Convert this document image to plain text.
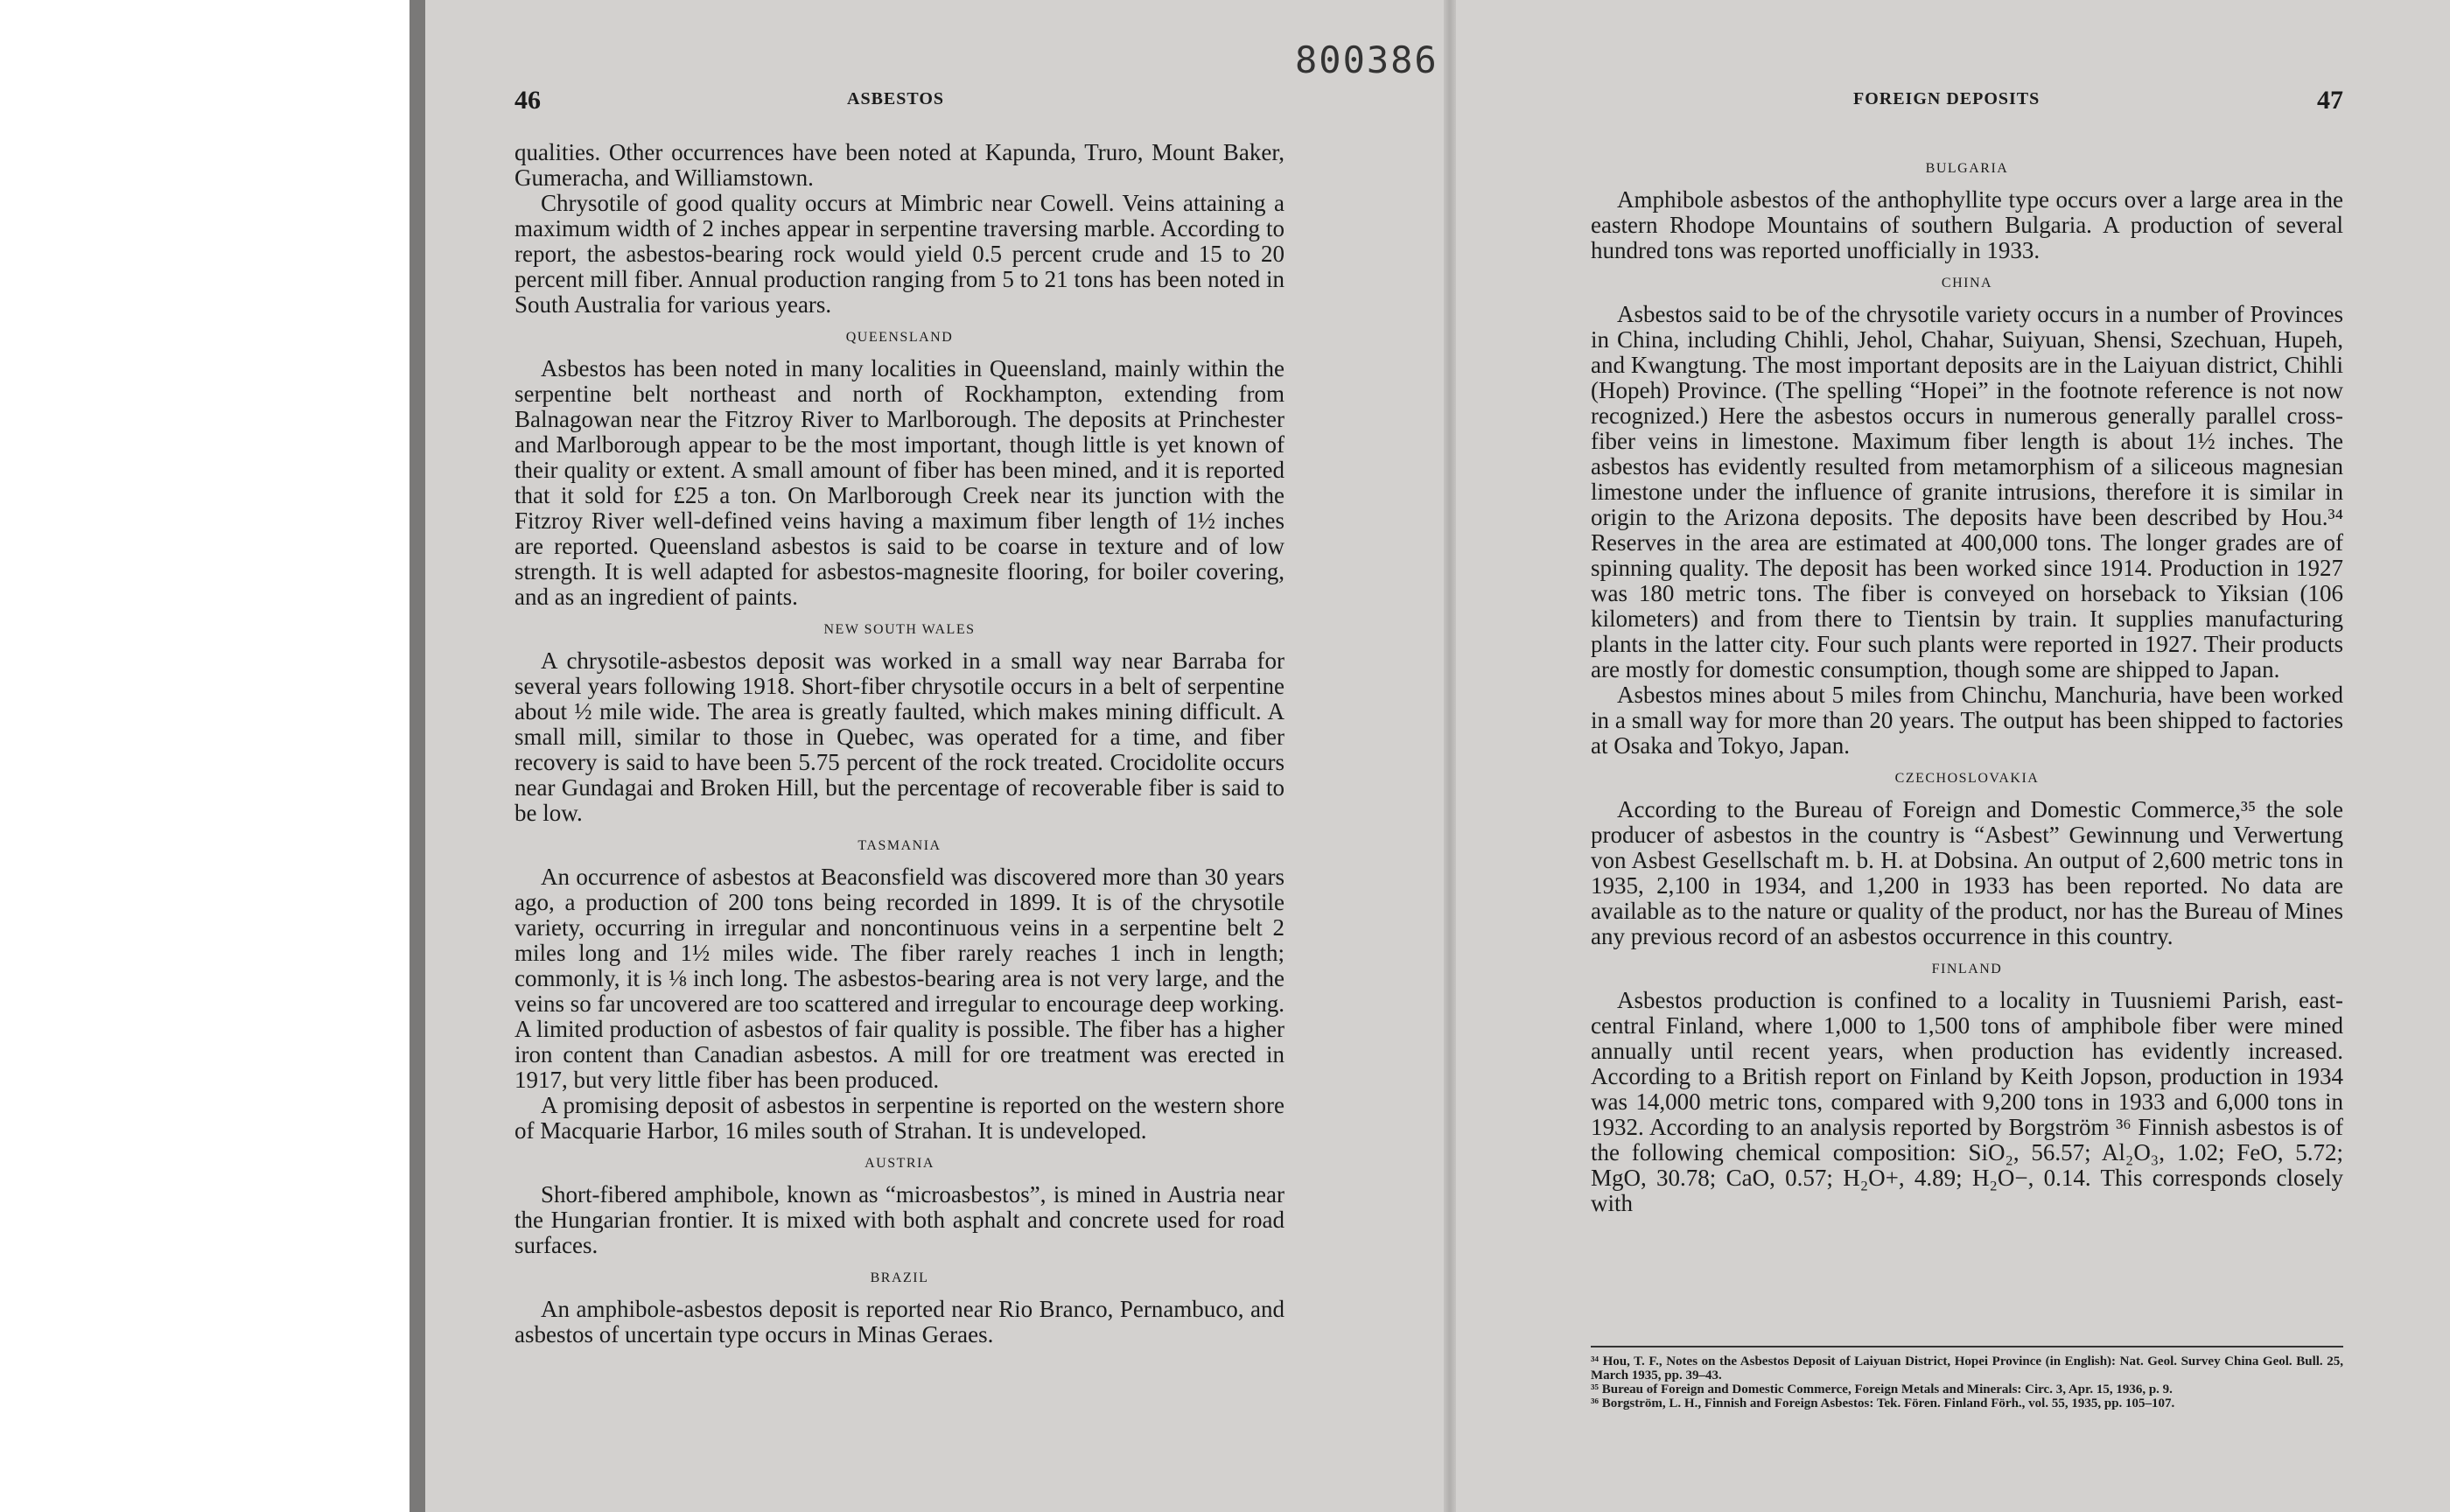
46	ASBESTOS

qualities. Other occurrences have been noted at Kapunda, Truro, Mount Baker, Gumeracha, and Williamstown.

Chrysotile of good quality occurs at Mimbric near Cowell. Veins attaining a maximum width of 2 inches appear in serpentine traversing marble. According to report, the asbestos-bearing rock would yield 0.5 percent crude and 15 to 20 percent mill fiber. Annual production ranging from 5 to 21 tons has been noted in South Australia for various years.

QUEENSLAND

Asbestos has been noted in many localities in Queensland, mainly within the serpentine belt northeast and north of Rockhampton, extending from Balnagowan near the Fitzroy River to Marlborough. The deposits at Princhester and Marlborough appear to be the most important, though little is yet known of their quality or extent. A small amount of fiber has been mined, and it is reported that it sold for £25 a ton. On Marlborough Creek near its junction with the Fitzroy River well-defined veins having a maximum fiber length of 1½ inches are reported. Queensland asbestos is said to be coarse in texture and of low strength. It is well adapted for asbestos-magnesite flooring, for boiler covering, and as an ingredient of paints.

NEW SOUTH WALES

A chrysotile-asbestos deposit was worked in a small way near Barraba for several years following 1918. Short-fiber chrysotile occurs in a belt of serpentine about ½ mile wide. The area is greatly faulted, which makes mining difficult. A small mill, similar to those in Quebec, was operated for a time, and fiber recovery is said to have been 5.75 percent of the rock treated. Crocidolite occurs near Gundagai and Broken Hill, but the percentage of recoverable fiber is said to be low.

TASMANIA

An occurrence of asbestos at Beaconsfield was discovered more than 30 years ago, a production of 200 tons being recorded in 1899. It is of the chrysotile variety, occurring in irregular and noncontinuous veins in a serpentine belt 2 miles long and 1½ miles wide. The fiber rarely reaches 1 inch in length; commonly, it is ⅛ inch long. The asbestos-bearing area is not very large, and the veins so far uncovered are too scattered and irregular to encourage deep working. A limited production of asbestos of fair quality is possible. The fiber has a higher iron content than Canadian asbestos. A mill for ore treatment was erected in 1917, but very little fiber has been produced.

A promising deposit of asbestos in serpentine is reported on the western shore of Macquarie Harbor, 16 miles south of Strahan. It is undeveloped.

AUSTRIA

Short-fibered amphibole, known as “microasbestos”, is mined in Austria near the Hungarian frontier. It is mixed with both asphalt and concrete used for road surfaces.

BRAZIL

An amphibole-asbestos deposit is reported near Rio Branco, Pernambuco, and asbestos of uncertain type occurs in Minas Geraes.

800386
FOREIGN DEPOSITS	47
BULGARIA

Amphibole asbestos of the anthophyllite type occurs over a large area in the eastern Rhodope Mountains of southern Bulgaria. A production of several hundred tons was reported unofficially in 1933.

CHINA

Asbestos said to be of the chrysotile variety occurs in a number of Provinces in China, including Chihli, Jehol, Chahar, Suiyuan, Shensi, Szechuan, Hupeh, and Kwangtung. The most important deposits are in the Laiyuan district, Chihli (Hopeh) Province. (The spelling “Hopei” in the footnote reference is not now recognized.) Here the asbestos occurs in numerous generally parallel cross-fiber veins in limestone. Maximum fiber length is about 1½ inches. The asbestos has evidently resulted from metamorphism of a siliceous magnesian limestone under the influence of granite intrusions, therefore it is similar in origin to the Arizona deposits. The deposits have been described by Hou.³⁴ Reserves in the area are estimated at 400,000 tons. The longer grades are of spinning quality. The deposit has been worked since 1914. Production in 1927 was 180 metric tons. The fiber is conveyed on horseback to Yiksian (106 kilometers) and from there to Tientsin by train. It supplies manufacturing plants in the latter city. Four such plants were reported in 1927. Their products are mostly for domestic consumption, though some are shipped to Japan.

Asbestos mines about 5 miles from Chinchu, Manchuria, have been worked in a small way for more than 20 years. The output has been shipped to factories at Osaka and Tokyo, Japan.

CZECHOSLOVAKIA

According to the Bureau of Foreign and Domestic Commerce,³⁵ the sole producer of asbestos in the country is “Asbest” Gewinnung und Verwertung von Asbest Gesellschaft m. b. H. at Dobsina. An output of 2,600 metric tons in 1935, 2,100 in 1934, and 1,200 in 1933 has been reported. No data are available as to the nature or quality of the product, nor has the Bureau of Mines any previous record of an asbestos occurrence in this country.

FINLAND

Asbestos production is confined to a locality in Tuusniemi Parish, east-central Finland, where 1,000 to 1,500 tons of amphibole fiber were mined annually until recent years, when production has evidently increased. According to a British report on Finland by Keith Jopson, production in 1934 was 14,000 metric tons, compared with 9,200 tons in 1933 and 6,000 tons in 1932. According to an analysis reported by Borgström ³⁶ Finnish asbestos is of the following chemical composition: SiO₂, 56.57; Al₂O₃, 1.02; FeO, 5.72; MgO, 30.78; CaO, 0.57; H₂O+, 4.89; H₂O−, 0.14. This corresponds closely with

³⁴ Hou, T. F., Notes on the Asbestos Deposit of Laiyuan District, Hopei Province (in English): Nat. Geol. Survey China Geol. Bull. 25, March 1935, pp. 39–43.

³⁵ Bureau of Foreign and Domestic Commerce, Foreign Metals and Minerals: Circ. 3, Apr. 15, 1936, p. 9.

³⁶ Borgström, L. H., Finnish and Foreign Asbestos: Tek. Fören. Finland Förh., vol. 55, 1935, pp. 105–107.
